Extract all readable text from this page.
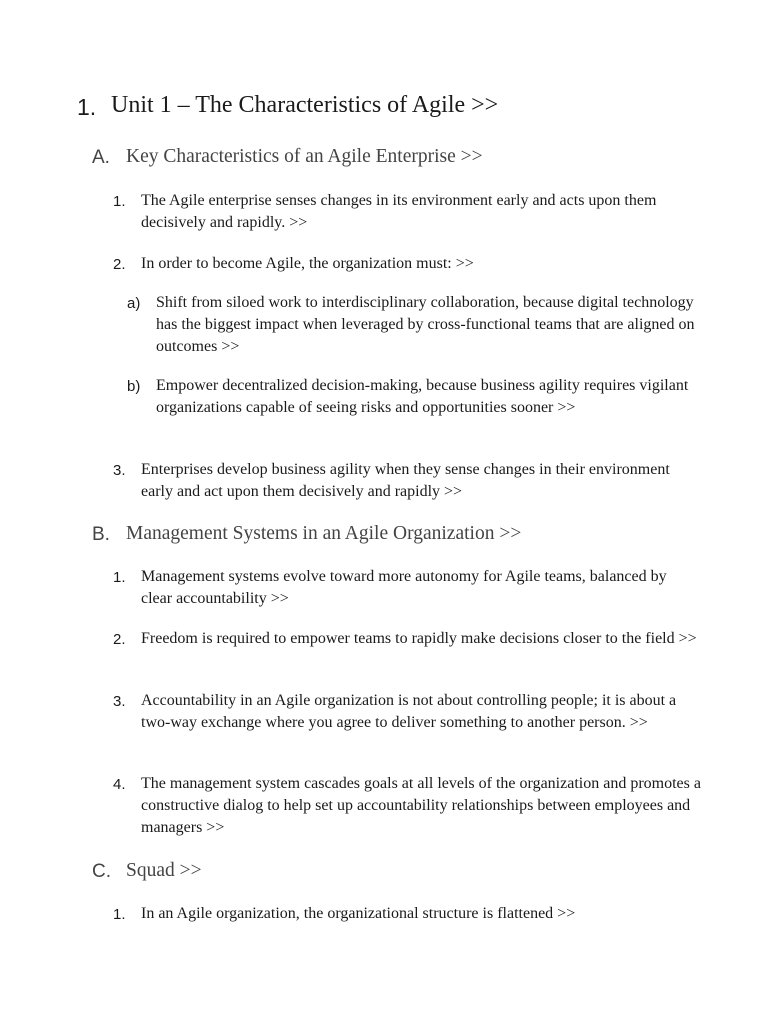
1. Unit 1 – The Characteristics of Agile >>
A. Key Characteristics of an Agile Enterprise >>
1. The Agile enterprise senses changes in its environment early and acts upon them decisively and rapidly. >>
2. In order to become Agile, the organization must: >>
a) Shift from siloed work to interdisciplinary collaboration, because digital technology has the biggest impact when leveraged by cross-functional teams that are aligned on outcomes >>
b) Empower decentralized decision-making, because business agility requires vigilant organizations capable of seeing risks and opportunities sooner >>
3. Enterprises develop business agility when they sense changes in their environment early and act upon them decisively and rapidly >>
B. Management Systems in an Agile Organization >>
1. Management systems evolve toward more autonomy for Agile teams, balanced by clear accountability >>
2. Freedom is required to empower teams to rapidly make decisions closer to the field >>
3. Accountability in an Agile organization is not about controlling people; it is about a two-way exchange where you agree to deliver something to another person. >>
4. The management system cascades goals at all levels of the organization and promotes a constructive dialog to help set up accountability relationships between employees and managers >>
C. Squad >>
1. In an Agile organization, the organizational structure is flattened >>
